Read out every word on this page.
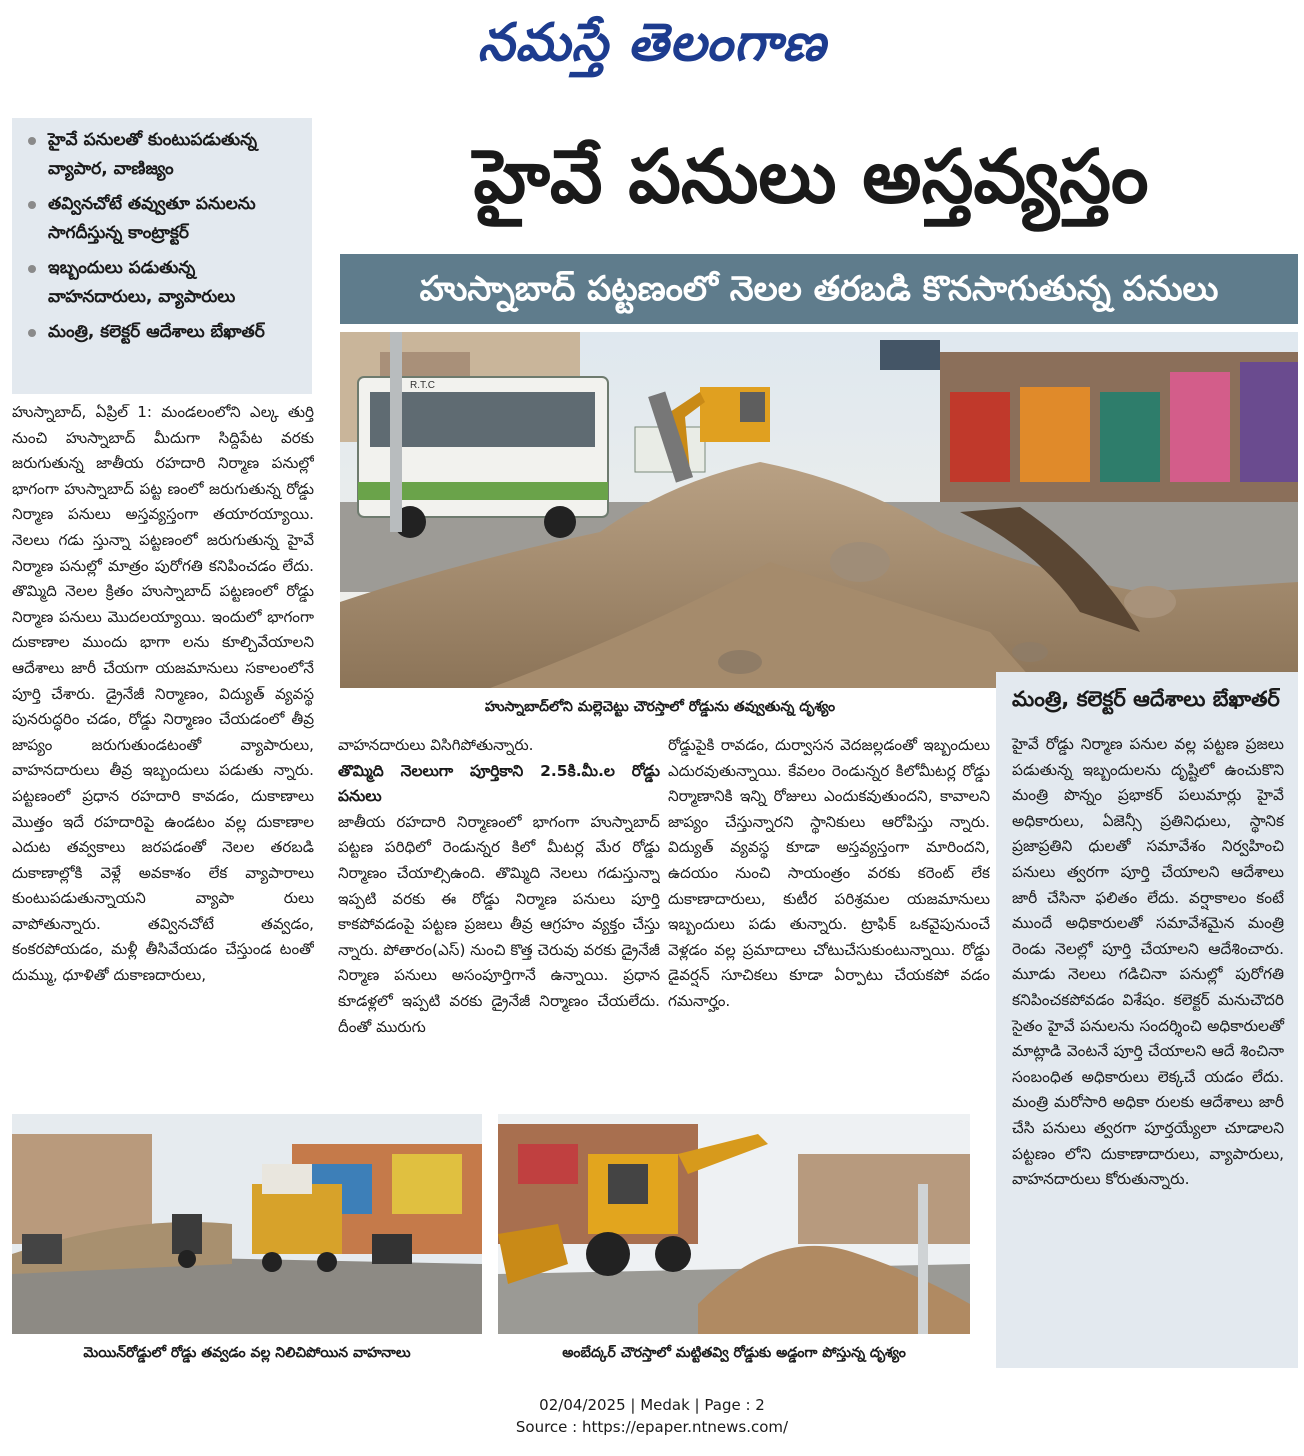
నమస్తే తెలంగాణ
హైవే పనులతో కుంటుపడుతున్న వ్యాపార, వాణిజ్యం
తవ్వినచోటే తవ్వుతూ పనులను సాగదీస్తున్న కాంట్రాక్టర్
ఇబ్బందులు పడుతున్న వాహనదారులు, వ్యాపారులు
మంత్రి, కలెక్టర్ ఆదేశాలు బేఖాతర్
హైవే పనులు అస్తవ్యస్తం
హుస్నాబాద్ పట్టణంలో నెలల తరబడి కొనసాగుతున్న పనులు
R.T.C
హుస్నాబాద్‌లోని మల్లెచెట్టు చౌరస్తాలో రోడ్డును తవ్వుతున్న దృశ్యం
హుస్నాబాద్, ఏప్రిల్ 1: మండలంలోని ఎల్క తుర్తి నుంచి హుస్నాబాద్ మీదుగా సిద్దిపేట వరకు జరుగుతున్న జాతీయ రహదారి నిర్మాణ పనుల్లో భాగంగా హుస్నాబాద్ పట్ట ణంలో జరుగుతున్న రోడ్డు నిర్మాణ పనులు అస్తవ్యస్తంగా తయారయ్యాయి. నెలలు గడు స్తున్నా పట్టణంలో జరుగుతున్న హైవే నిర్మాణ పనుల్లో మాత్రం పురోగతి కనిపించడం లేదు. తొమ్మిది నెలల క్రితం హుస్నాబాద్ పట్టణంలో రోడ్డు నిర్మాణ పనులు మొదలయ్యాయి. ఇందులో భాగంగా దుకాణాల ముందు భాగా లను కూల్చివేయాలని ఆదేశాలు జారీ చేయగా యజమానులు సకాలంలోనే పూర్తి చేశారు. డ్రైనేజీ నిర్మాణం, విద్యుత్ వ్యవస్థ పునరుద్ధరిం చడం, రోడ్డు నిర్మాణం చేయడంలో తీవ్ర జాప్యం జరుగుతుండటంతో వ్యాపారులు, వాహనదారులు తీవ్ర ఇబ్బందులు పడుతు న్నారు. పట్టణంలో ప్రధాన రహదారి కావడం, దుకాణాలు మొత్తం ఇదే రహదారిపై ఉండటం వల్ల దుకాణాల ఎదుట తవ్వకాలు జరపడంతో నెలల తరబడి దుకాణాల్లోకి వెళ్లే అవకాశం లేక వ్యాపారాలు కుంటుపడుతున్నాయని వ్యాపా రులు వాపోతున్నారు. తవ్వినచోటే తవ్వడం, కంకరపోయడం, మళ్లీ తీసివేయడం చేస్తుండ టంతో దుమ్ము, ధూళితో దుకాణదారులు,
వాహనదారులు విసిగిపోతున్నారు.
తొమ్మిది నెలలుగా పూర్తికాని 2.5కి.మీ.ల రోడ్డు పనులు
జాతీయ రహదారి నిర్మాణంలో భాగంగా హుస్నాబాద్ పట్టణ పరిధిలో రెండున్నర కిలో మీటర్ల మేర రోడ్డు నిర్మాణం చేయాల్సిఉంది. తొమ్మిది నెలలు గడుస్తున్నా ఇప్పటి వరకు ఈ రోడ్డు నిర్మాణ పనులు పూర్తి కాకపోవడంపై పట్టణ ప్రజలు తీవ్ర ఆగ్రహం వ్యక్తం చేస్తు న్నారు. పోతారం(ఎస్) నుంచి కొత్త చెరువు వరకు డ్రైనేజీ నిర్మాణ పనులు అసంపూర్తిగానే ఉన్నాయి. ప్రధాన కూడళ్లలో ఇప్పటి వరకు డ్రైనేజీ నిర్మాణం చేయలేదు. దీంతో మురుగు
రోడ్డుపైకి రావడం, దుర్వాసన వెదజల్లడంతో ఇబ్బందులు ఎదురవుతున్నాయి. కేవలం రెండున్నర కిలోమీటర్ల రోడ్డు నిర్మాణానికి ఇన్ని రోజులు ఎందుకవుతుందని, కావాలని జాప్యం చేస్తున్నారని స్థానికులు ఆరోపిస్తు న్నారు. విద్యుత్ వ్యవస్థ కూడా అస్తవ్యస్తంగా మారిందని, ఉదయం నుంచి సాయంత్రం వరకు కరెంట్ లేక దుకాణాదారులు, కుటీర పరిశ్రమల యజమానులు ఇబ్బందులు పడు తున్నారు. ట్రాఫిక్ ఒకవైపునుంచే వెళ్లడం వల్ల ప్రమాదాలు చోటుచేసుకుంటున్నాయి. రోడ్డు డైవర్షన్ సూచికలు కూడా ఏర్పాటు చేయకపో వడం గమనార్హం.
మంత్రి, కలెక్టర్ ఆదేశాలు బేఖాతర్
హైవే రోడ్డు నిర్మాణ పనుల వల్ల పట్టణ ప్రజలు పడుతున్న ఇబ్బందులను దృష్టిలో ఉంచుకొని మంత్రి పొన్నం ప్రభాకర్ పలుమార్లు హైవే అధికారులు, ఏజెన్సీ ప్రతినిధులు, స్థానిక ప్రజాప్రతిని ధులతో సమావేశం నిర్వహించి పనులు త్వరగా పూర్తి చేయాలని ఆదేశాలు జారీ చేసినా ఫలితం లేదు. వర్షాకాలం కంటే ముందే అధికారులతో సమావేశమైన మంత్రి రెండు నెలల్లో పూర్తి చేయాలని ఆదేశించారు. మూడు నెలలు గడిచినా పనుల్లో పురోగతి కనిపించకపోవడం విశేషం. కలెక్టర్ మనుచౌదరి సైతం హైవే పనులను సందర్శించి అధికారులతో మాట్లాడి వెంటనే పూర్తి చేయాలని ఆదే శించినా సంబంధిత అధికారులు లెక్కచే యడం లేదు. మంత్రి మరోసారి అధికా రులకు ఆదేశాలు జారీ చేసి పనులు త్వరగా పూర్తయ్యేలా చూడాలని పట్టణం లోని దుకాణాదారులు, వ్యాపారులు, వాహనదారులు కోరుతున్నారు.
మెయిన్‌రోడ్డులో రోడ్డు తవ్వడం వల్ల నిలిచిపోయిన వాహనాలు	అంబేద్కర్ చౌరస్తాలో మట్టితవ్వి రోడ్డుకు అడ్డంగా పోస్తున్న దృశ్యం
02/04/2025 | Medak | Page : 2
Source : https://epaper.ntnews.com/
